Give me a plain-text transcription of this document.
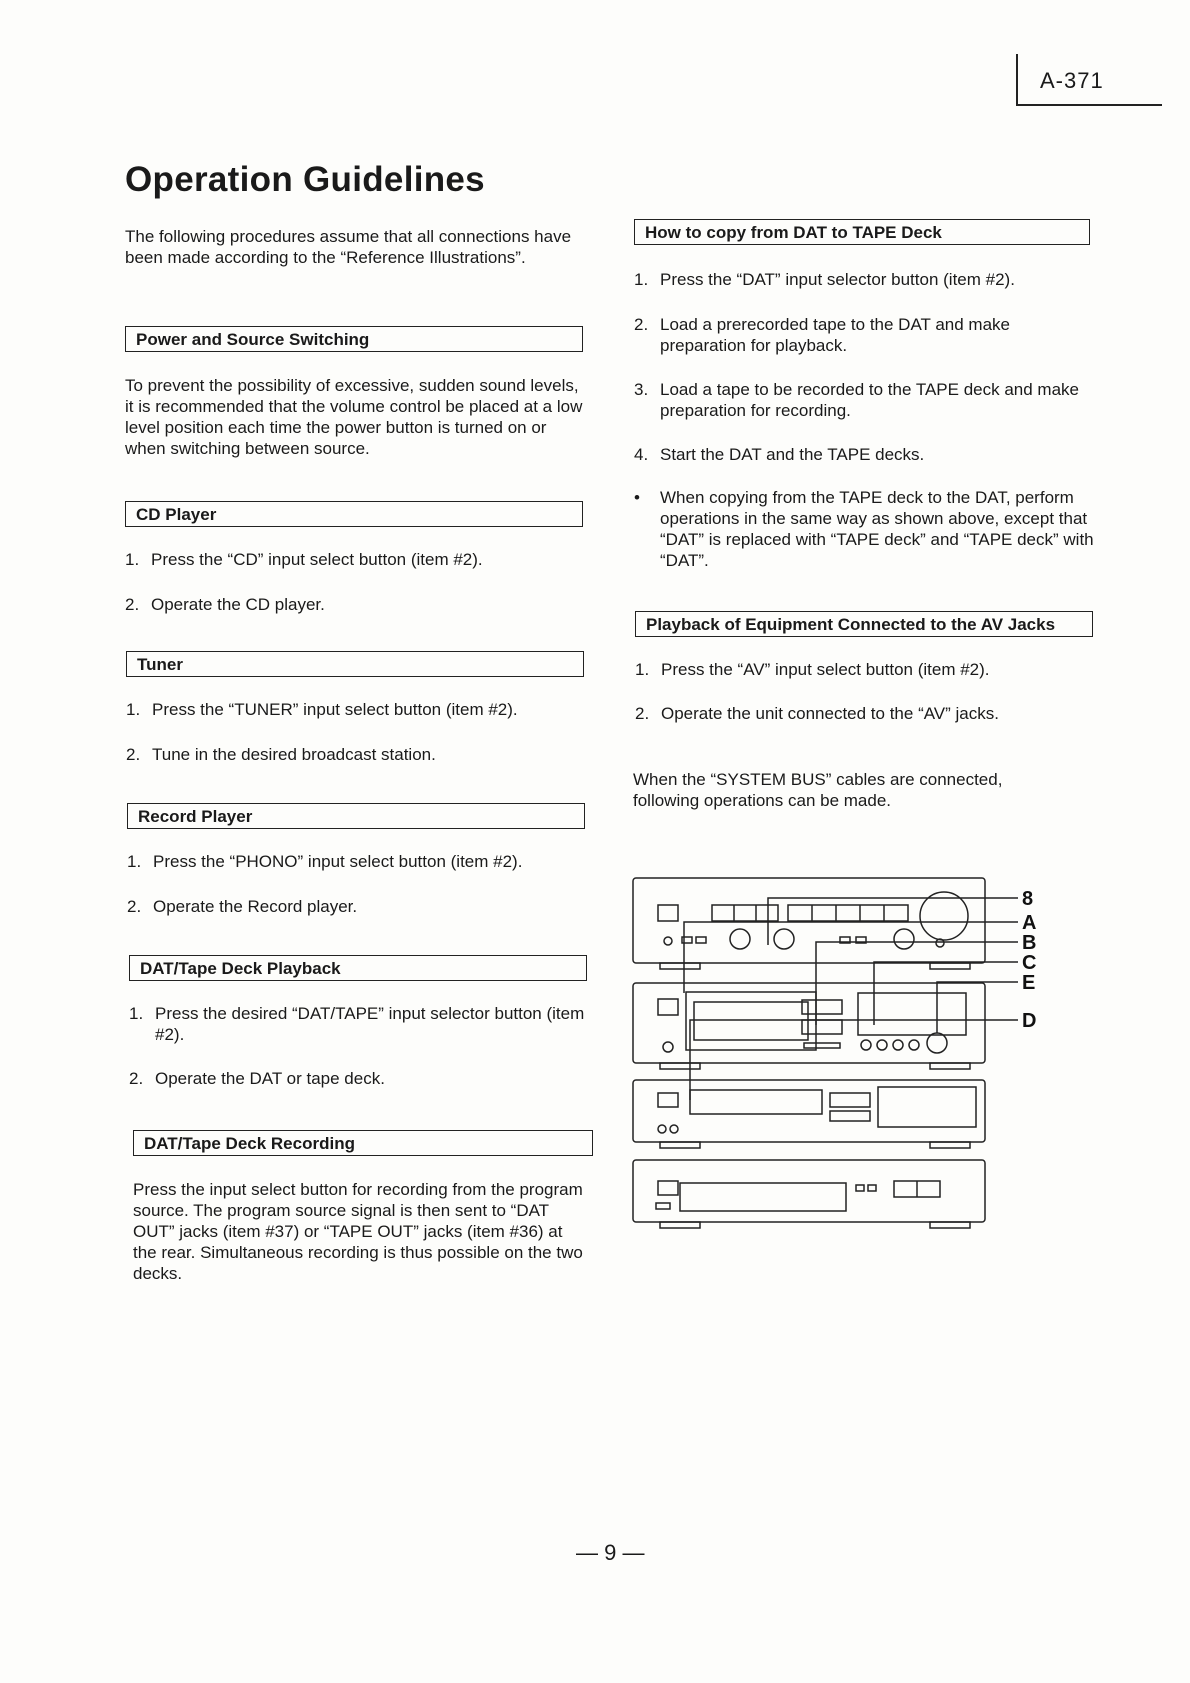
A-371
Operation Guidelines

The following procedures assume that all connections have been made according to the “Reference Illustrations”.

Power and Source Switching

To prevent the possibility of excessive, sudden sound levels, it is recommended that the volume control be placed at a low level position each time the power button is turned on or when switching between source.

CD Player
1. Press the “CD” input select button (item #2).
2. Operate the CD player.
Tuner
1. Press the “TUNER” input select button (item #2).
2. Tune in the desired broadcast station.
Record Player
1. Press the “PHONO” input select button (item #2).
2. Operate the Record player.
DAT/Tape Deck Playback
1. Press the desired “DAT/TAPE” input selector button (item #2).
2. Operate the DAT or tape deck.
DAT/Tape Deck Recording

Press the input select button for recording from the program source. The program source signal is then sent to “DAT OUT” jacks (item #37) or “TAPE OUT” jacks (item #36) at the rear. Simultaneous recording is thus possible on the two decks.

How to copy from DAT to TAPE Deck
1. Press the “DAT” input selector button (item #2).
2. Load a prerecorded tape to the DAT and make preparation for playback.
3. Load a tape to be recorded to the TAPE deck and make preparation for recording.
4. Start the DAT and the TAPE decks.
•	When copying from the TAPE deck to the DAT, perform operations in the same way as shown above, except that “DAT” is replaced with “TAPE deck” and “TAPE deck” with “DAT”.
Playback of Equipment Connected to the AV Jacks
1. Press the “AV” input select button (item #2).
2. Operate the unit connected to the “AV” jacks.

When the “SYSTEM BUS” cables are connected, following operations can be made.

8
A
B
C
E
D
— 9 —
